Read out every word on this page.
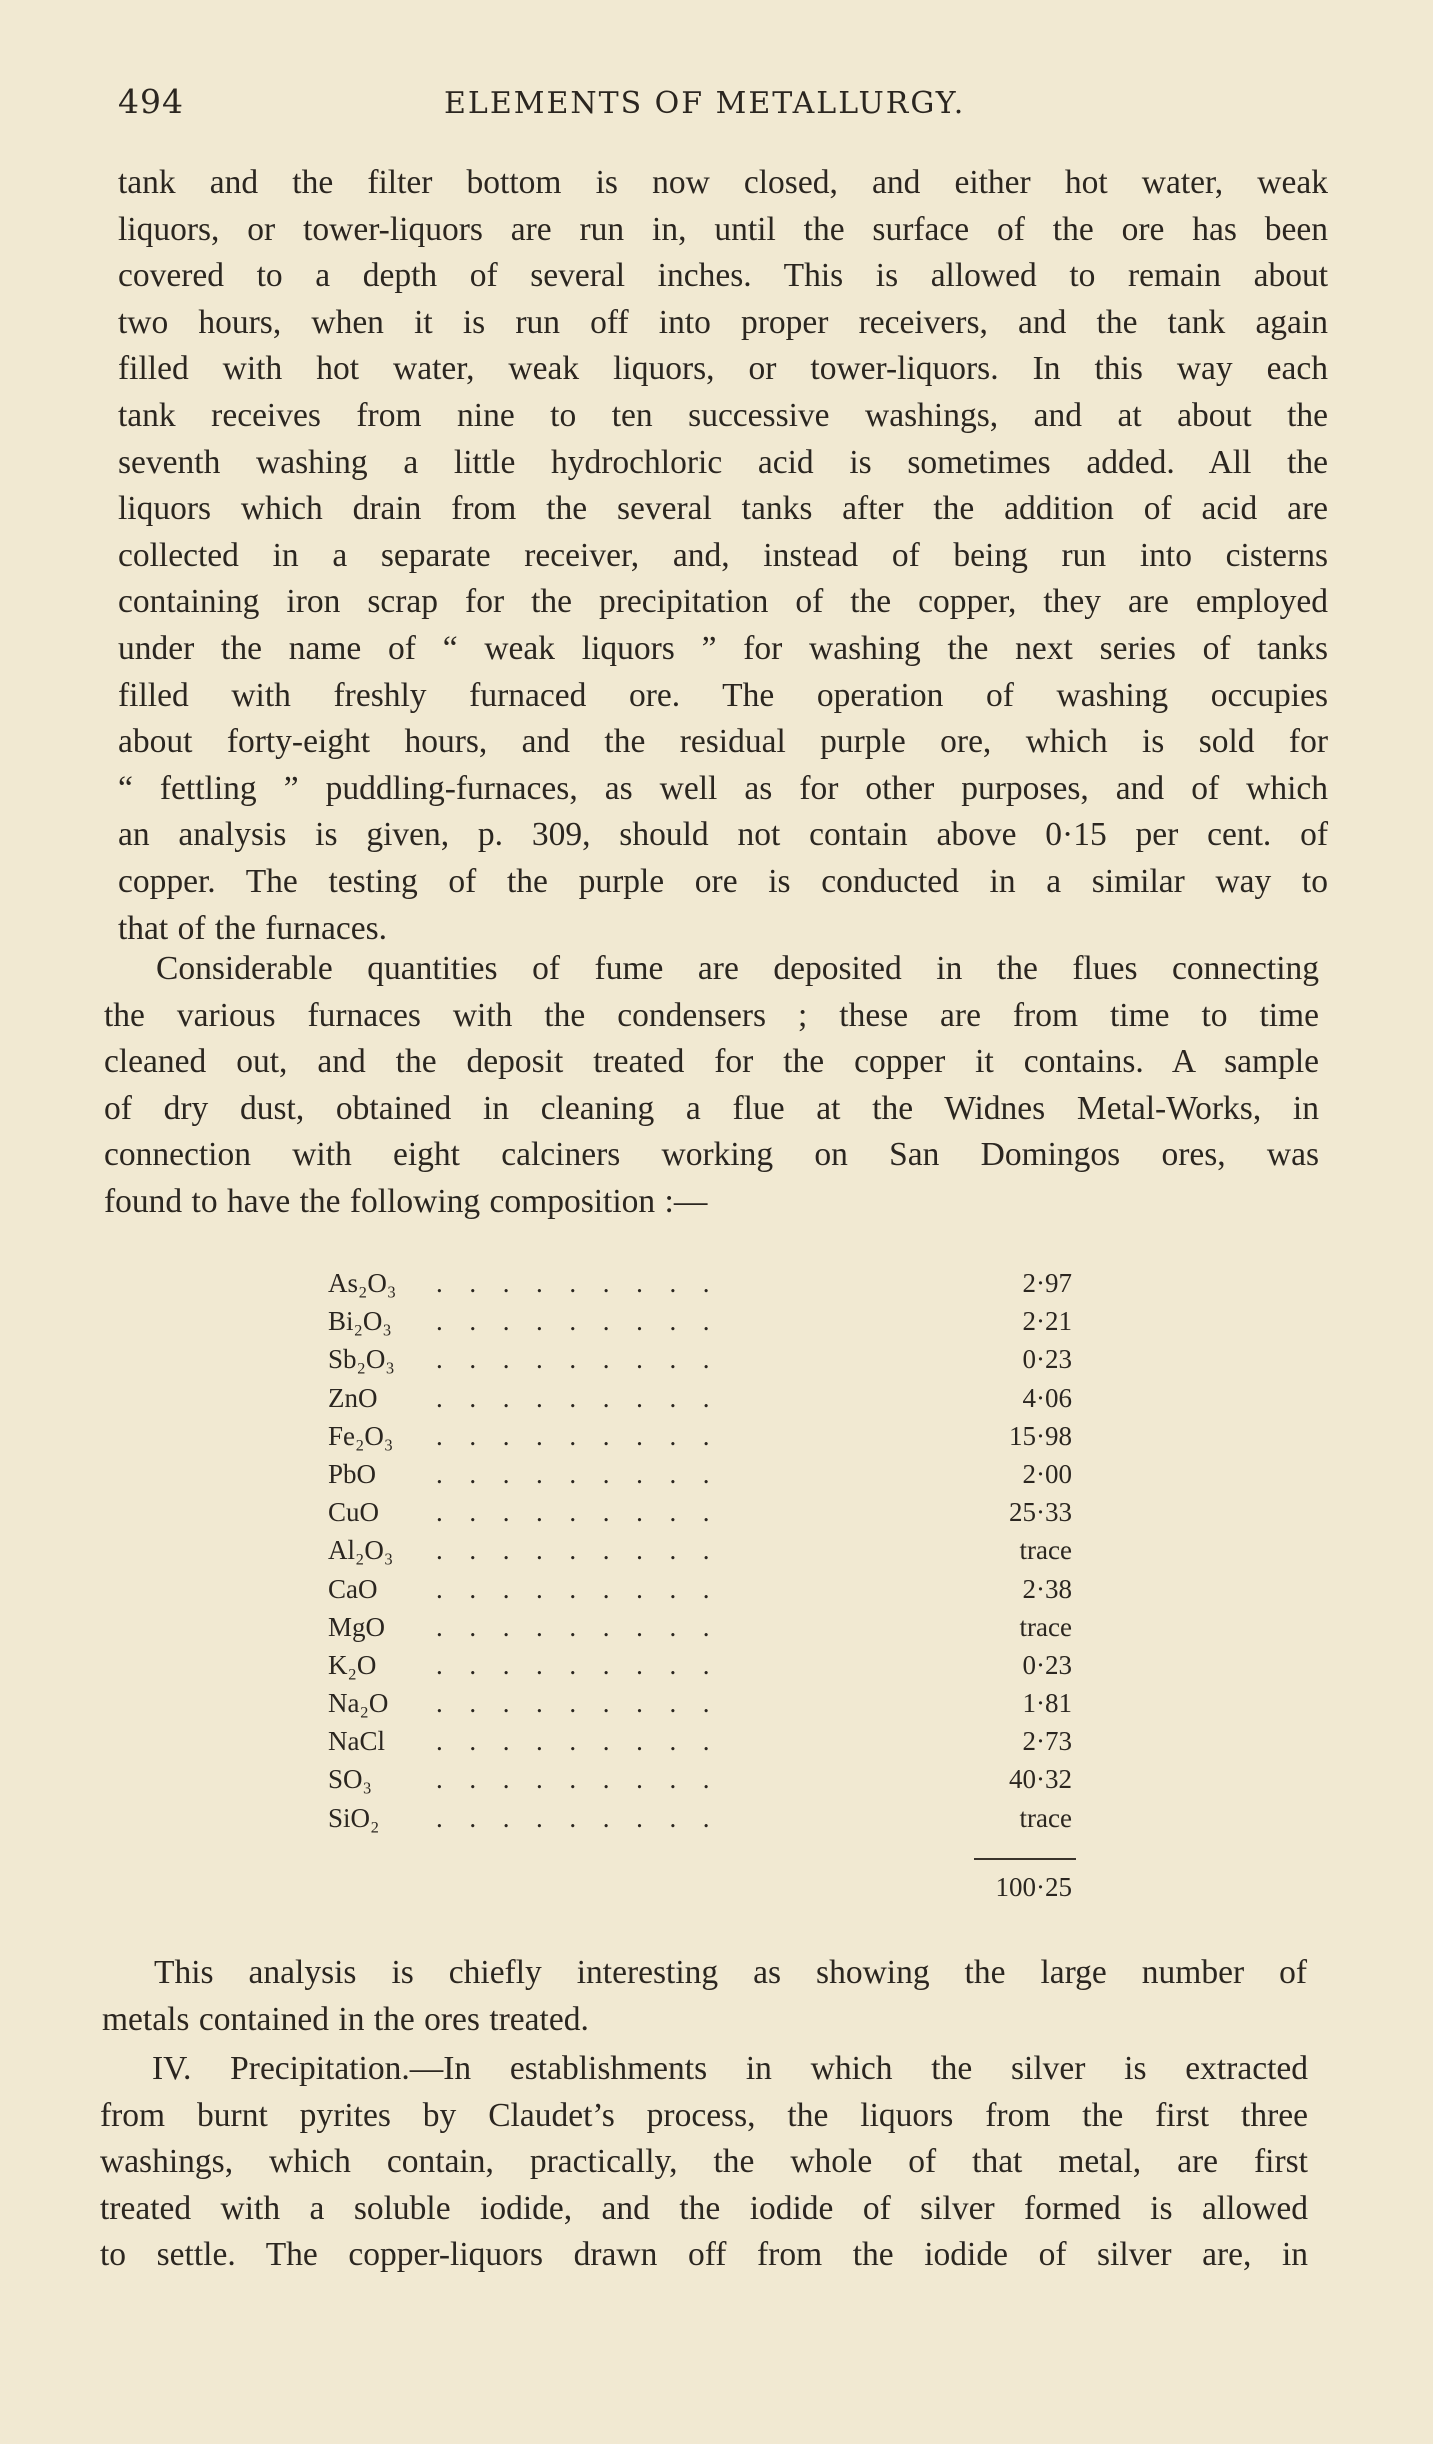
494	ELEMENTS OF METALLURGY.
tank and the filter bottom is now closed, and either hot water, weak
liquors, or tower-liquors are run in, until the surface of the ore has been
covered to a depth of several inches. This is allowed to remain about
two hours, when it is run off into proper receivers, and the tank again
filled with hot water, weak liquors, or tower-liquors. In this way each
tank receives from nine to ten successive washings, and at about the
seventh washing a little hydrochloric acid is sometimes added. All the
liquors which drain from the several tanks after the addition of acid are
collected in a separate receiver, and, instead of being run into cisterns
containing iron scrap for the precipitation of the copper, they are employed
under the name of “ weak liquors ” for washing the next series of tanks
filled with freshly furnaced ore. The operation of washing occupies
about forty-eight hours, and the residual purple ore, which is sold for
“ fettling ” puddling-furnaces, as well as for other purposes, and of which
an analysis is given, p. 309, should not contain above 0·15 per cent. of
copper. The testing of the purple ore is conducted in a similar way to
that of the furnaces.
Considerable quantities of fume are deposited in the flues connecting
the various furnaces with the condensers ; these are from time to time
cleaned out, and the deposit treated for the copper it contains. A sample
of dry dust, obtained in cleaning a flue at the Widnes Metal-Works, in
connection with eight calciners working on San Domingos ores, was
found to have the following composition :—
As₂O₃ .........	2·97
Bi₂O₃ .........	2·21
Sb₂O₃ .........	0·23
ZnO .........	4·06
Fe₂O₃ .........	15·98
PbO .........	2·00
CuO .........	25·33
Al₂O₃ .........	trace
CaO .........	2·38
MgO .........	trace
K₂O .........	0·23
Na₂O .........	1·81
NaCl .........	2·73
SO₃ .........	40·32
SiO₂ .........	trace
100·25
This analysis is chiefly interesting as showing the large number of
metals contained in the ores treated.
IV. Precipitation.—In establishments in which the silver is extracted
from burnt pyrites by Claudet’s process, the liquors from the first three
washings, which contain, practically, the whole of that metal, are first
treated with a soluble iodide, and the iodide of silver formed is allowed
to settle. The copper-liquors drawn off from the iodide of silver are, in
